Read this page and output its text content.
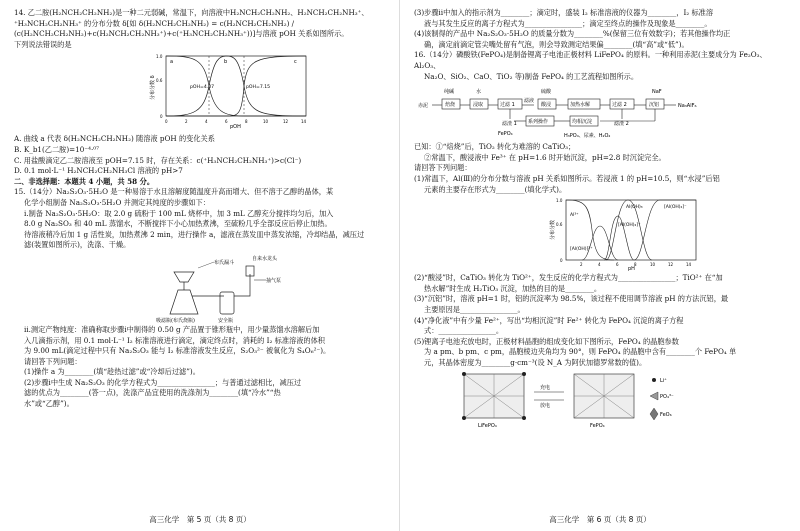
14. 乙二胺(H₂NCH₂CH₂NH₂)是一种二元弱碱，常温下，向溶液中H₂NCH₂CH₂NH₂、H₂NCH₂CH₂NH₃⁺、

⁺H₃NCH₂CH₂NH₃⁺ 的分布分数 δ[如 δ(H₂NCH₂CH₂NH₂) = c(H₂NCH₂CH₂NH₂) / (c(H₂NCH₂CH₂NH₂)+c(H₂NCH₂CH₂NH₃⁺)+c(⁺H₃NCH₂CH₂NH₃⁺))]与溶液 pOH 关系如图所示。

下列说法错误的是

分布分数 δ
pOH
a	b	c
pOH=4.07	pOH=7.15
1.0
0.6
0
0	2	4	6	8	10	12	14

A. 曲线 a 代表 δ(H₂NCH₂CH₂NH₂) 随溶液 pOH 的变化关系

B. K_b1(乙二胺)=10⁻⁴·⁰⁷

C. 用盐酸滴定乙二胺溶液至 pOH=7.15 时，存在关系：c(⁺H₃NCH₂CH₂NH₃⁺)>c(Cl⁻)

D. 0.1 mol·L⁻¹ H₂NCH₂CH₂NH₃Cl 溶液的 pH>7

二、非选择题：本题共 4 小题，共 58 分。

15.（14分）Na₂S₂O₃·5H₂O 是一种易溶于水且溶解度随温度升高而增大、但不溶于乙醇的晶体，某

化学小组制备 Na₂S₂O₃·5H₂O 并测定其纯度的步骤如下：

ⅰ.制备 Na₂S₂O₃·5H₂O：取 2.0 g 硫粉于 100 mL 烧杯中，加 3 mL 乙醇充分搅拌均匀后，加入

8.0 g Na₂SO₃ 和 40 mL 蒸馏水，不断搅拌下小心加热煮沸，至硫粉几乎全部反应后停止加热。

待溶液稍冷后加 1 g 活性炭，加热煮沸 2 min，进行操作 a，滤液在蒸发皿中蒸发浓缩，冷却结晶，减压过

滤(装置如图所示)，洗涤、干燥。

布氏漏斗
自来水龙头
抽气泵
吸滤瓶(布氏烧瓶)	安全瓶

ⅱ.测定产物纯度：准确称取步骤ⅰ中制得的 0.50 g 产品置于锥形瓶中，用少量蒸馏水溶解后加

入几滴指示剂，用 0.1 mol·L⁻¹ I₂ 标准溶液进行滴定，滴定终点时，消耗的 I₂ 标准溶液的体积

为 9.00 mL(滴定过程中只有 Na₂S₂O₃ 能与 I₂ 标准溶液发生反应，S₂O₃²⁻ 被氧化为 S₄O₆²⁻)。

请回答下列问题：

(1)操作 a 为________(填“趁热过滤”或“冷却后过滤”)。

(2)步骤ⅰ中生成 Na₂S₂O₃ 的化学方程式为________________；与普通过滤相比，减压过

滤的优点为________(答一点)，洗涤产品宜使用的洗涤剂为________(填“冷水”“热

水”或“乙醇”)。

高三化学　第 5 页（共 8 页）

(3)步骤ⅱ中加入的指示剂为________；滴定时，盛装 I₂ 标准溶液的仪器为________，I₂ 标准溶

液与其发生反应的离子方程式为________________；滴定至终点的操作及现象是________。

(4)该制得的产品中 Na₂S₂O₃·5H₂O 的质量分数为________%(保留三位有效数字)；若其他操作均正

确，滴定前滴定管尖嘴处留有气泡，则会导致测定结果偏________(填“高”或“低”)。

16.（14分）磷酸铁(FePO₄)是制备锂离子电池正极材料 LiFePO₄ 的原料。一种利用赤泥(主要成分为 Fe₂O₃、Al₂O₃、

Na₂O、SiO₂、CaO、TiO₂ 等)制备 FePO₄ 的工艺流程如图所示。

赤泥	焙烧
纯碱
浸取
水
过滤 1
滤渣 1
滤液
酸浸
硫酸
加热水解	过滤 2
滤渣 2
沉铝
NaF
Na₃AlF₆
均相沉淀
系列操作
FePO₄	H₃PO₄、尿素、H₂O₂

已知：①“焙烧”后，TiO₂ 转化为难溶的 CaTiO₃；

②常温下，酸浸液中 Fe³⁺ 在 pH=1.6 时开始沉淀，pH=2.8 时沉淀完全。

请回答下列问题：

(1)常温下，Al(Ⅲ)的分布分数与溶液 pH 关系如图所示。若浸液 1 的 pH=10.5，则“水浸”后铝

元素的主要存在形式为________(填化学式)。

分布分数
pH
Al³⁺
[Al(OH)₄]⁻
Al(OH)₃
[Al(OH)₂]⁺
[Al(OH)]²⁺
1.0
0.6
0
2	4	6	8	10	12	14

(2)“酸浸”时，CaTiO₃ 转化为 TiO²⁺，发生反应的化学方程式为________________；TiO²⁺ 在“加

热水解”时生成 H₂TiO₃ 沉淀，加热的目的是________。

(3)“沉铝”时，溶液 pH=1 时，铝的沉淀率为 98.5%，该过程不使用调节溶液 pH 的方法沉铝，最

主要原因是________________。

(4)“净化液”中有少量 Fe²⁺，写出“均相沉淀”时 Fe²⁺ 转化为 FePO₄ 沉淀的离子方程

式：________________。

(5)锂离子电池充放电时，正极材料晶胞的组成变化如下图所示，FePO₄ 的晶胞参数

为 a pm、b pm、c pm，晶胞棱边夹角均为 90°，则 FePO₄ 的晶胞中含有________个 FePO₄ 单

元，其晶体密度为________g·cm⁻³(设 N_A 为阿伏加德罗常数的值)。

充电
放电
LiFePO₄	FePO₄
Li⁺
PO₄³⁻
FeO₆
高三化学　第 6 页（共 8 页）
